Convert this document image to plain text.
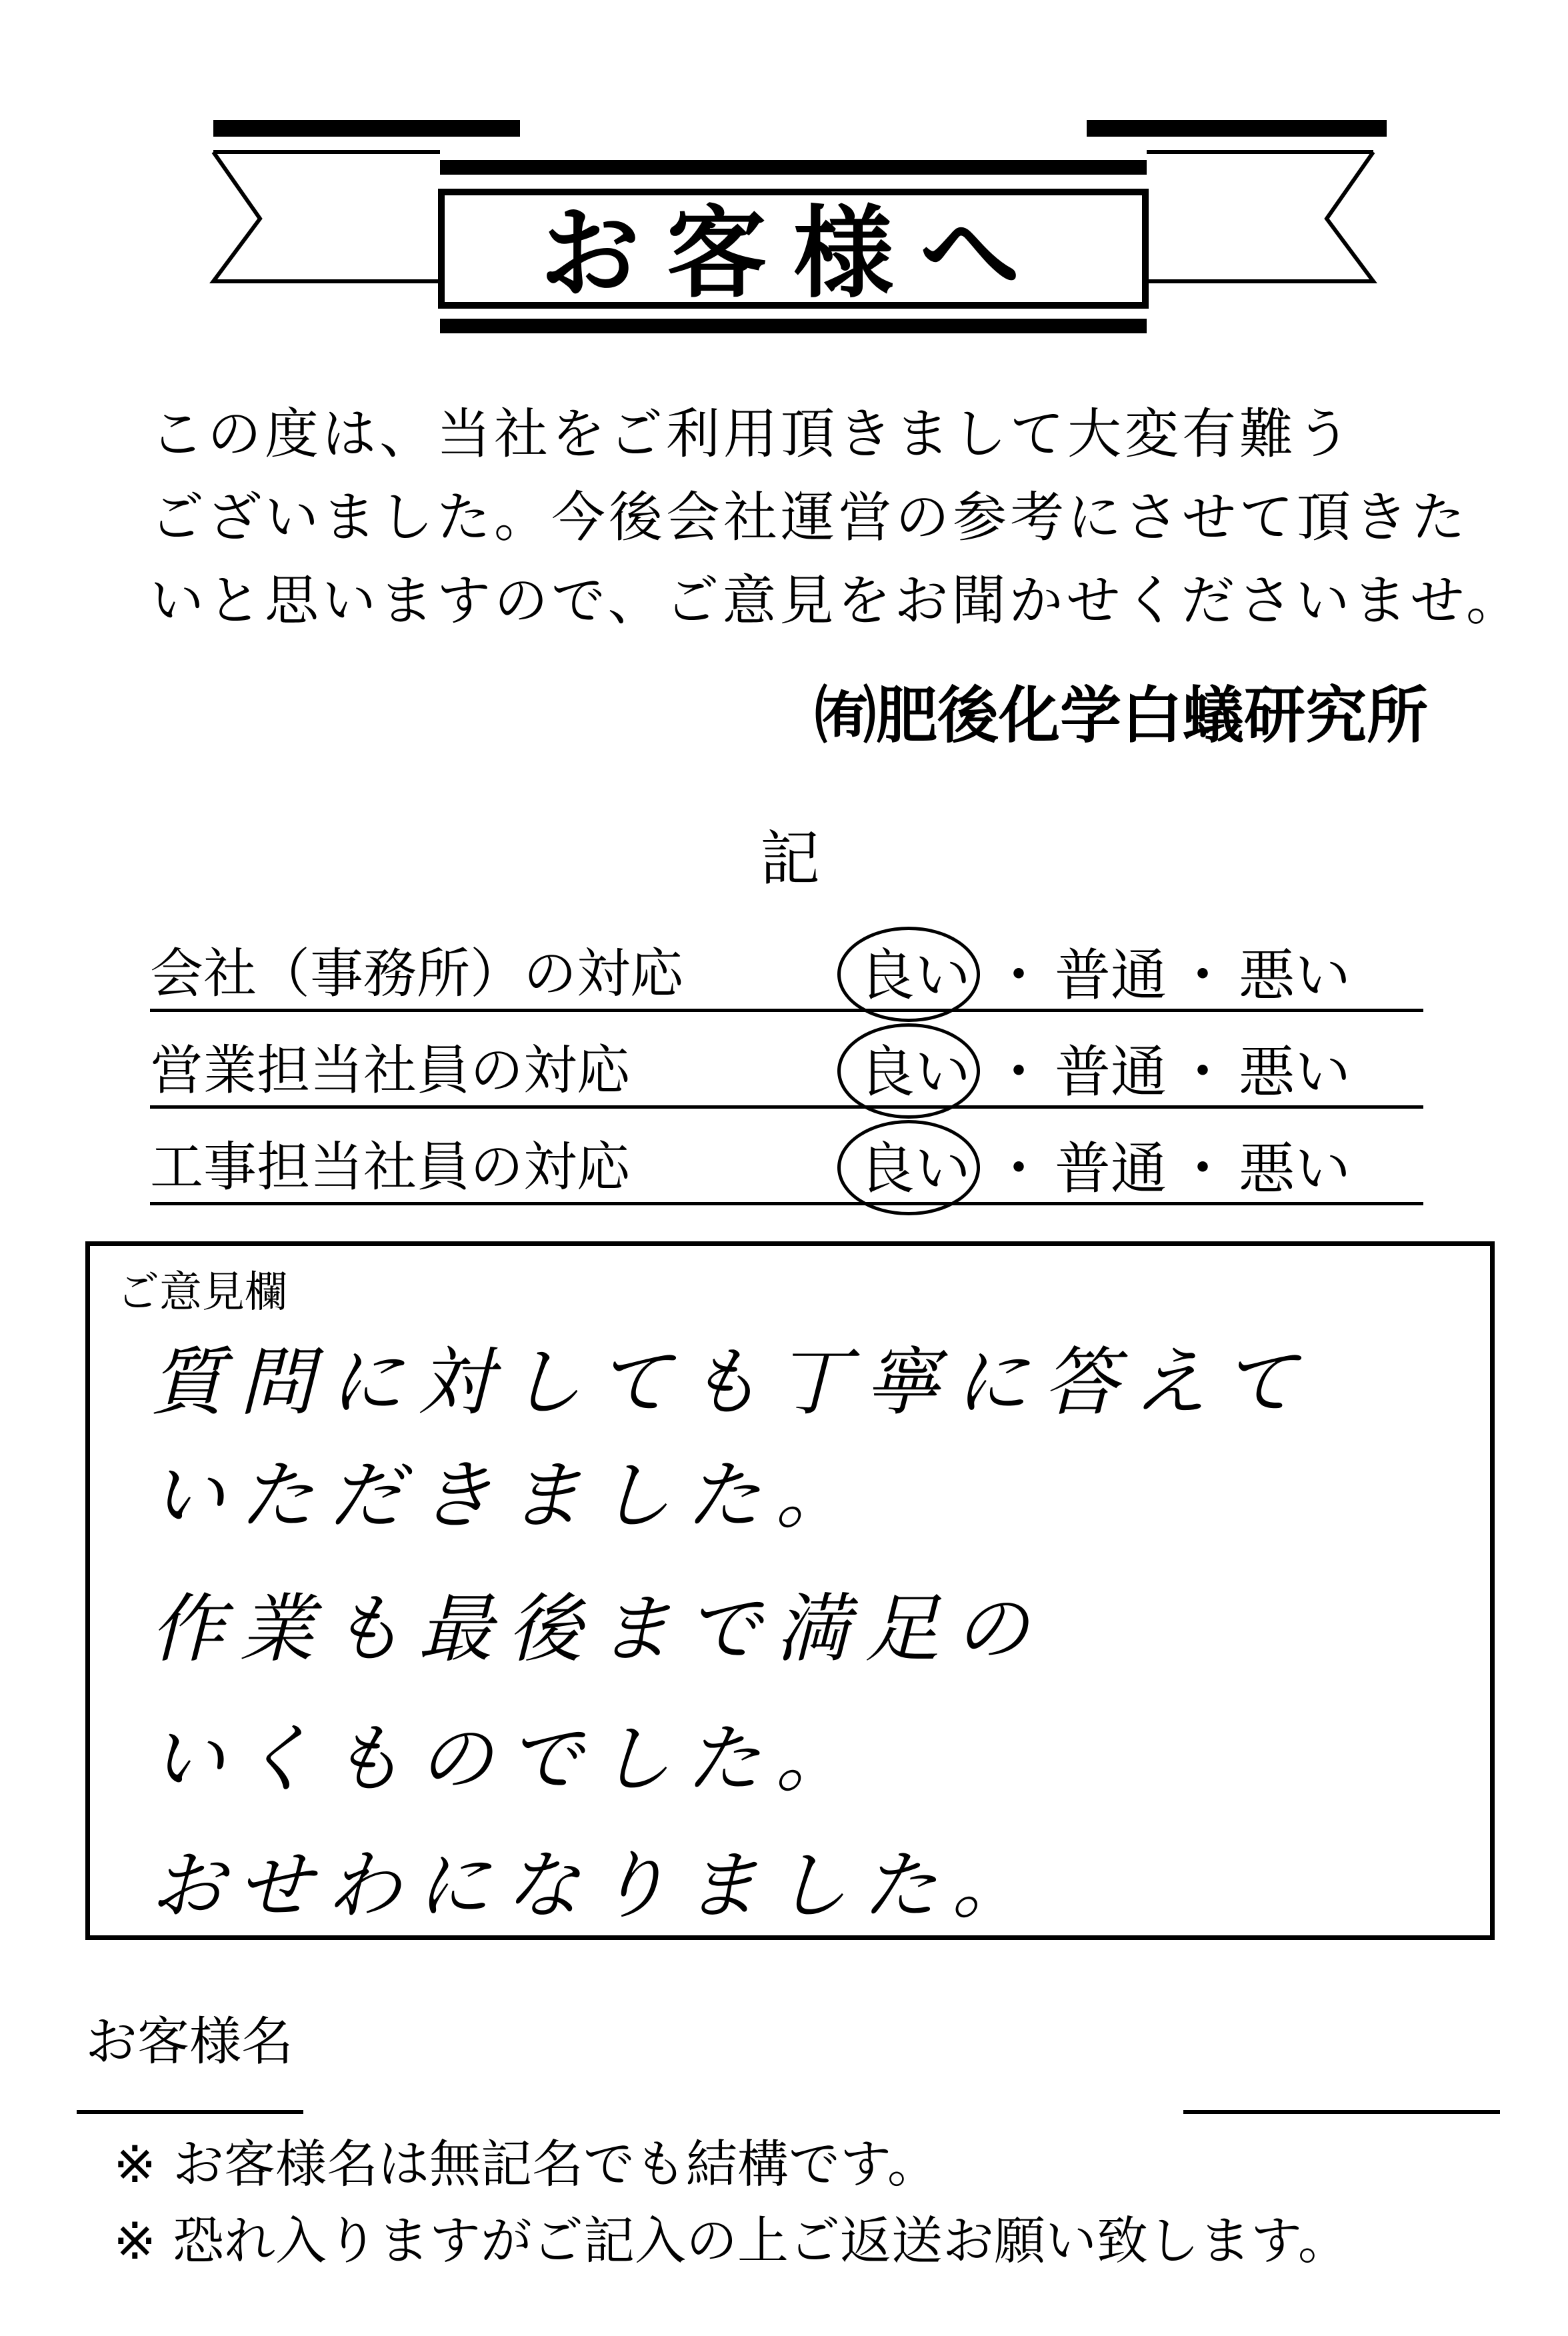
お客様へ
この度は、当社をご利用頂きまして大変有難う
ございました。今後会社運営の参考にさせて頂きた
いと思いますので、ご意見をお聞かせくださいませ。
㈲肥後化学白蟻研究所
記
会社（事務所）の対応	良い ・ 普通 ・ 悪い
営業担当社員の対応	良い ・ 普通 ・ 悪い
工事担当社員の対応	良い ・ 普通 ・ 悪い
ご意見欄
質問に対しても丁寧に答えて
いただきました。
作業も最後まで満足の
いくものでした。
おせわになりました。
お客様名
※ お客様名は無記名でも結構です。
※ 恐れ入りますがご記入の上ご返送お願い致します。
